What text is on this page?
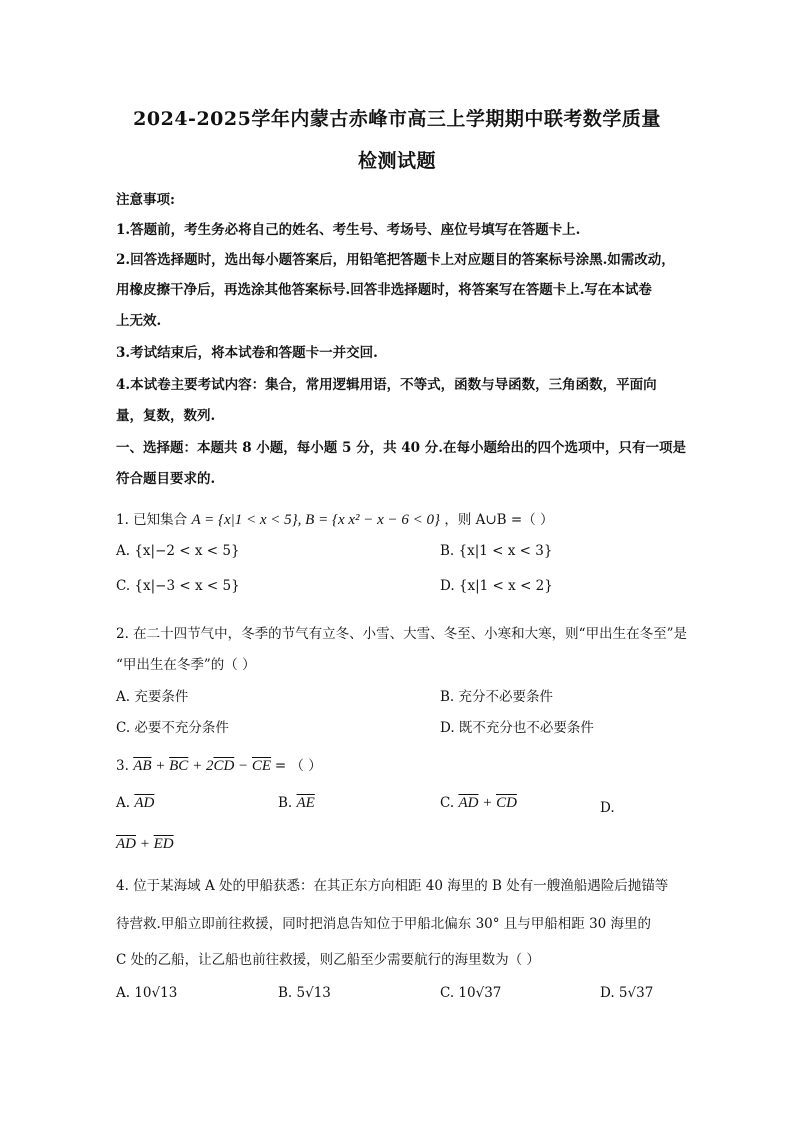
2024-2025学年内蒙古赤峰市高三上学期期中联考数学质量
检测试题
注意事项:
1.答题前，考生务必将自己的姓名、考生号、考场号、座位号填写在答题卡上.
2.回答选择题时，选出每小题答案后，用铅笔把答题卡上对应题目的答案标号涂黑.如需改动，
用橡皮擦干净后，再选涂其他答案标号.回答非选择题时，将答案写在答题卡上.写在本试卷
上无效.
3.考试结束后，将本试卷和答题卡一并交回.
4.本试卷主要考试内容：集合，常用逻辑用语，不等式，函数与导函数，三角函数，平面向
量，复数，数列.
一、选择题：本题共 8 小题，每小题 5 分，共 40 分.在每小题给出的四个选项中，只有一项是
符合题目要求的.
1. 已知集合 A = {x|1 < x < 5}, B = {x x² − x − 6 < 0} ，则 A∪B =（ ）
A. {x|−2 < x < 5}	B. {x|1 < x < 3}
C. {x|−3 < x < 5}	D. {x|1 < x < 2}
2. 在二十四节气中，冬季的节气有立冬、小雪、大雪、冬至、小寒和大寒，则“甲出生在冬至”是
“甲出生在冬季”的（ ）
A. 充要条件	B. 充分不必要条件
C. 必要不充分条件	D. 既不充分也不必要条件
3. $\overline{AB} + \overline{BC} + 2\overline{CD} - \overline{CE}$ = （ ）
A. $\overline{AD}$	B. $\overline{AE}$	C. $\overline{AD} + \overline{CD}$	D.
$\overline{AD} + \overline{ED}$
4. 位于某海域 A 处的甲船获悉：在其正东方向相距 40 海里的 B 处有一艘渔船遇险后抛锚等
待营救.甲船立即前往救援，同时把消息告知位于甲船北偏东 30° 且与甲船相距 30 海里的
C 处的乙船，让乙船也前往救援，则乙船至少需要航行的海里数为（ ）
A. 10√13	B. 5√13	C. 10√37	D. 5√37
